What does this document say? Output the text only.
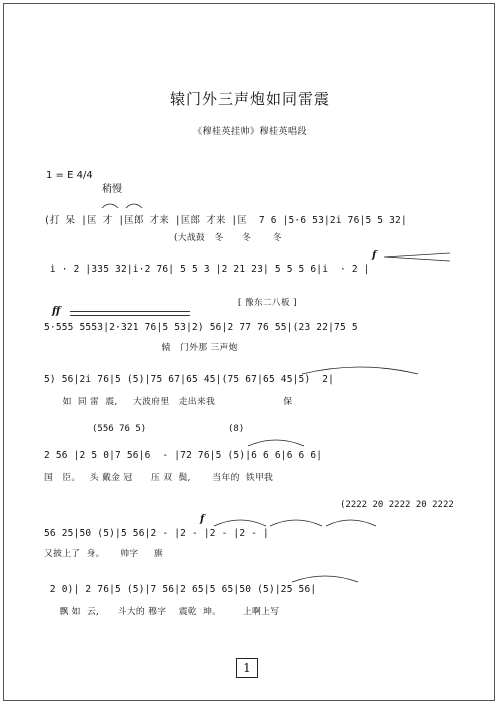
辕门外三声炮如同雷震
《穆桂英挂帅》穆桂英唱段
1 = E 4/4
稍慢
(打 呆 |匡 才 |匡郎 才来 |匡郎 才来 |匡  7 6 |5·6 53|2i 76|5 5 32|
(大战鼓   冬      冬       冬
f
i · 2 |335 32|i·2 76| 5 5 3 |2 21 23| 5 5 5 6|i  · 2 |
[ 豫东二八板 ]
ff
5·555 5553|2·321 76|5 53|2) 56|2 77 76 55|(23 22|75 5
辕   门外那 三声炮
5) 56|2i 76|5 (5)|75 67|65 45|(75 67|65 45|5)  2|
如  同 雷  震,     大波府里   走出来我                      保
(556 76 5)	(8)
2 56 |2 5 0|7 56|6  - |72 76|5 (5)|6 6 6|6 6 6|
国   臣。   头 戴金 冠      压 双  鬓,       当年的  铁甲我
(2222 20 2222 20 2222
f
56 25|50 (5)|5 56|2 - |2 - |2 - |2 - |
又披上了  身。     帅字     旗
2 0)| 2 76|5 (5)|7 56|2 65|5 65|50 (5)|25 56|
飘 如  云,      斗大的 穆字    震乾  坤。       上啊上写
1
